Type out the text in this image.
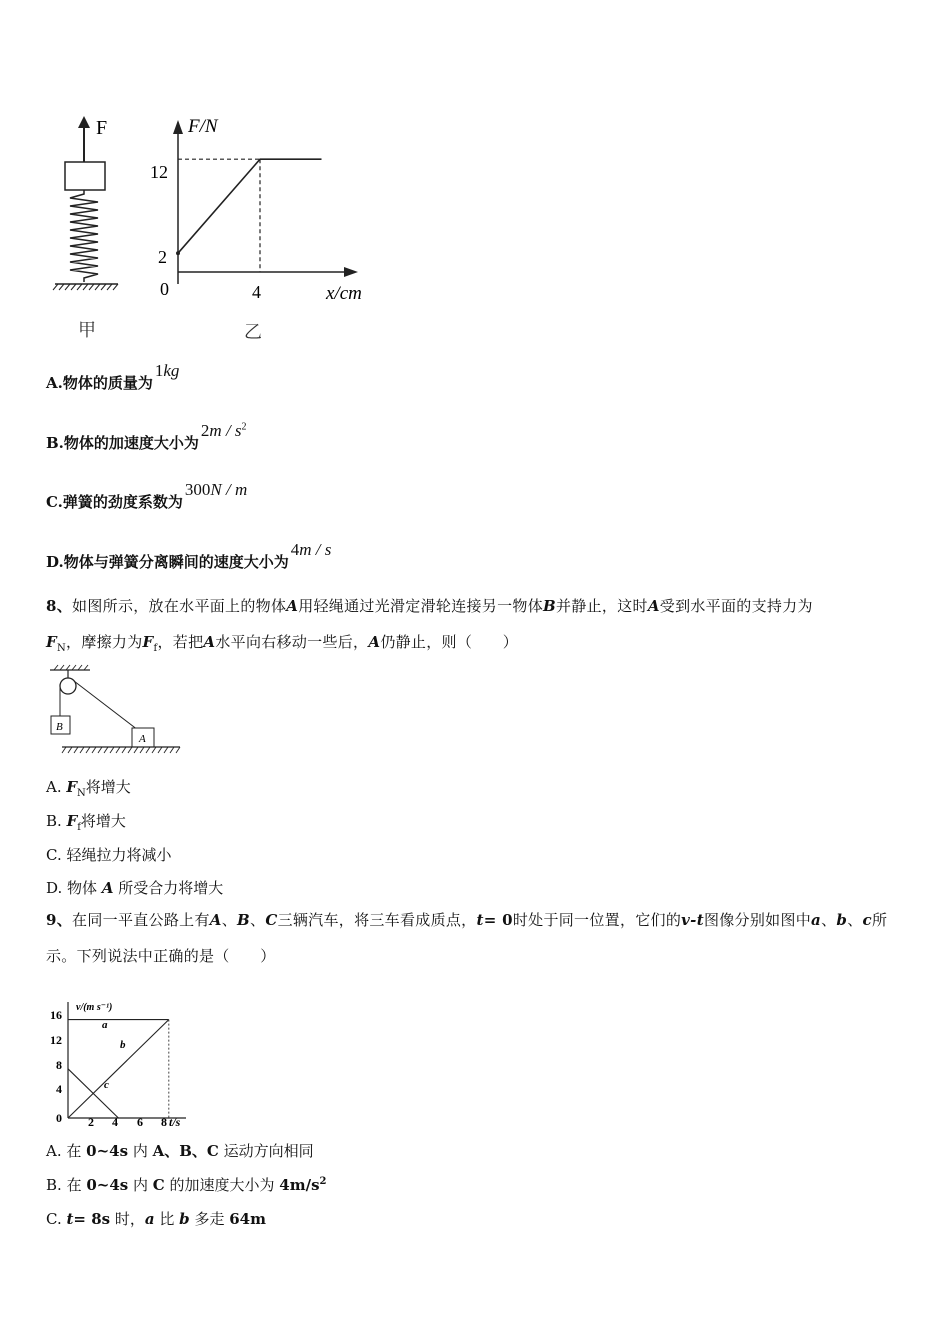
F
甲
F/N
12
2
0	4	x/cm
乙
A.物体的质量为1kg
B.物体的加速度大小为$2m / s^2$
C.弹簧的劲度系数为300N / m
D.物体与弹簧分离瞬间的速度大小为4m / s
8、如图所示，放在水平面上的物体A用轻绳通过光滑定滑轮连接另一物体B并静止，这时A受到水平面的支持力为
$F_N$，摩擦力为$F_f$，若把A水平向右移动一些后，A仍静止，则（　　）
B
A
A. $F_N$将增大
B. $F_f$将增大
C. 轻绳拉力将减小
D. 物体 A 所受合力将增大
9、在同一平直公路上有A、B、C三辆汽车，将三车看成质点，t= 0时处于同一位置，它们的v-t图像分别如图中a、b、c所示。下列说法中正确的是（　　）
v/(m s⁻¹)
16
12
8
4
0 2 4 6 8 t/s
a
b
c
A. 在 0~4s 内 A、B、C 运动方向相同
B. 在 0~4s 内 C 的加速度大小为 $4m/s^2$
C. t= 8s 时，a 比 b 多走 64m
